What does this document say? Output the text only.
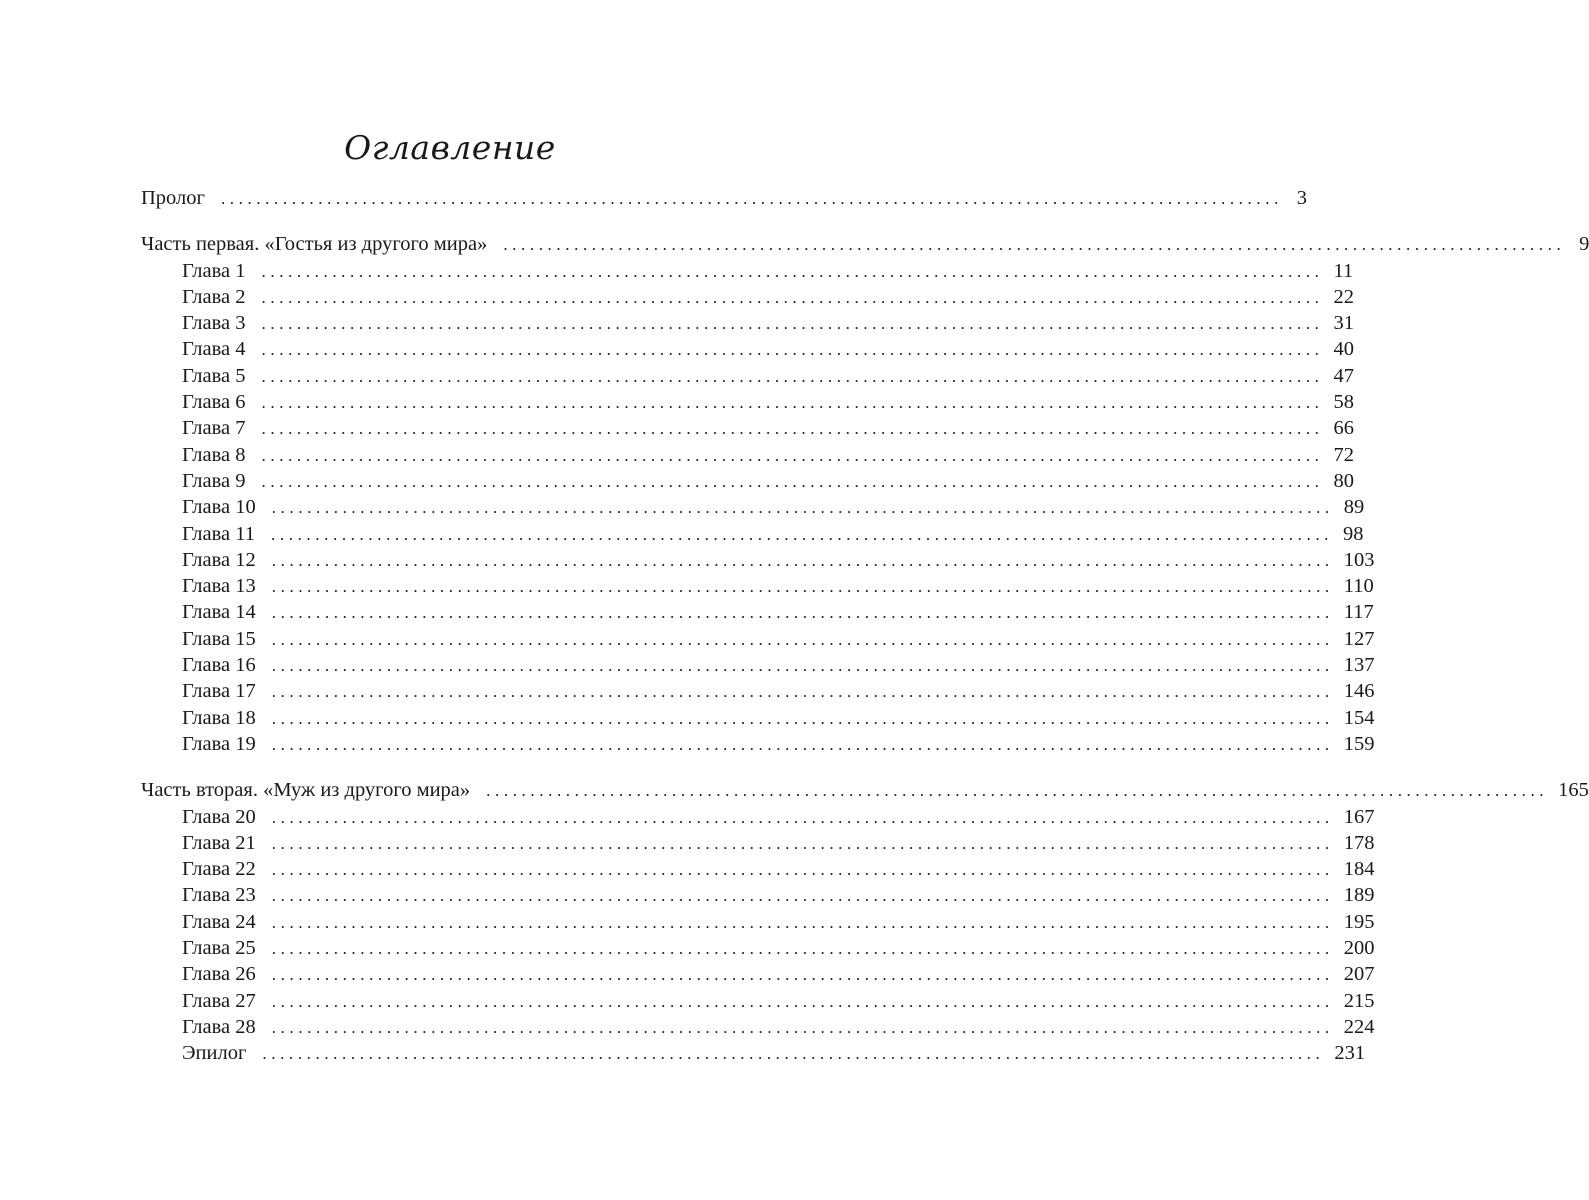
Оглавление
Пролог ........................................................................................................................ 3
Часть первая. «Гостья из другого мира» ........................................................................................................................ 9
Глава 1 ........................................................................................................................ 11
Глава 2 ........................................................................................................................ 22
Глава 3 ........................................................................................................................ 31
Глава 4 ........................................................................................................................ 40
Глава 5 ........................................................................................................................ 47
Глава 6 ........................................................................................................................ 58
Глава 7 ........................................................................................................................ 66
Глава 8 ........................................................................................................................ 72
Глава 9 ........................................................................................................................ 80
Глава 10 ........................................................................................................................ 89
Глава 11 ........................................................................................................................ 98
Глава 12 ........................................................................................................................ 103
Глава 13 ........................................................................................................................ 110
Глава 14 ........................................................................................................................ 117
Глава 15 ........................................................................................................................ 127
Глава 16 ........................................................................................................................ 137
Глава 17 ........................................................................................................................ 146
Глава 18 ........................................................................................................................ 154
Глава 19 ........................................................................................................................ 159
Часть вторая. «Муж из другого мира» ........................................................................................................................ 165
Глава 20 ........................................................................................................................ 167
Глава 21 ........................................................................................................................ 178
Глава 22 ........................................................................................................................ 184
Глава 23 ........................................................................................................................ 189
Глава 24 ........................................................................................................................ 195
Глава 25 ........................................................................................................................ 200
Глава 26 ........................................................................................................................ 207
Глава 27 ........................................................................................................................ 215
Глава 28 ........................................................................................................................ 224
Эпилог ........................................................................................................................ 231
